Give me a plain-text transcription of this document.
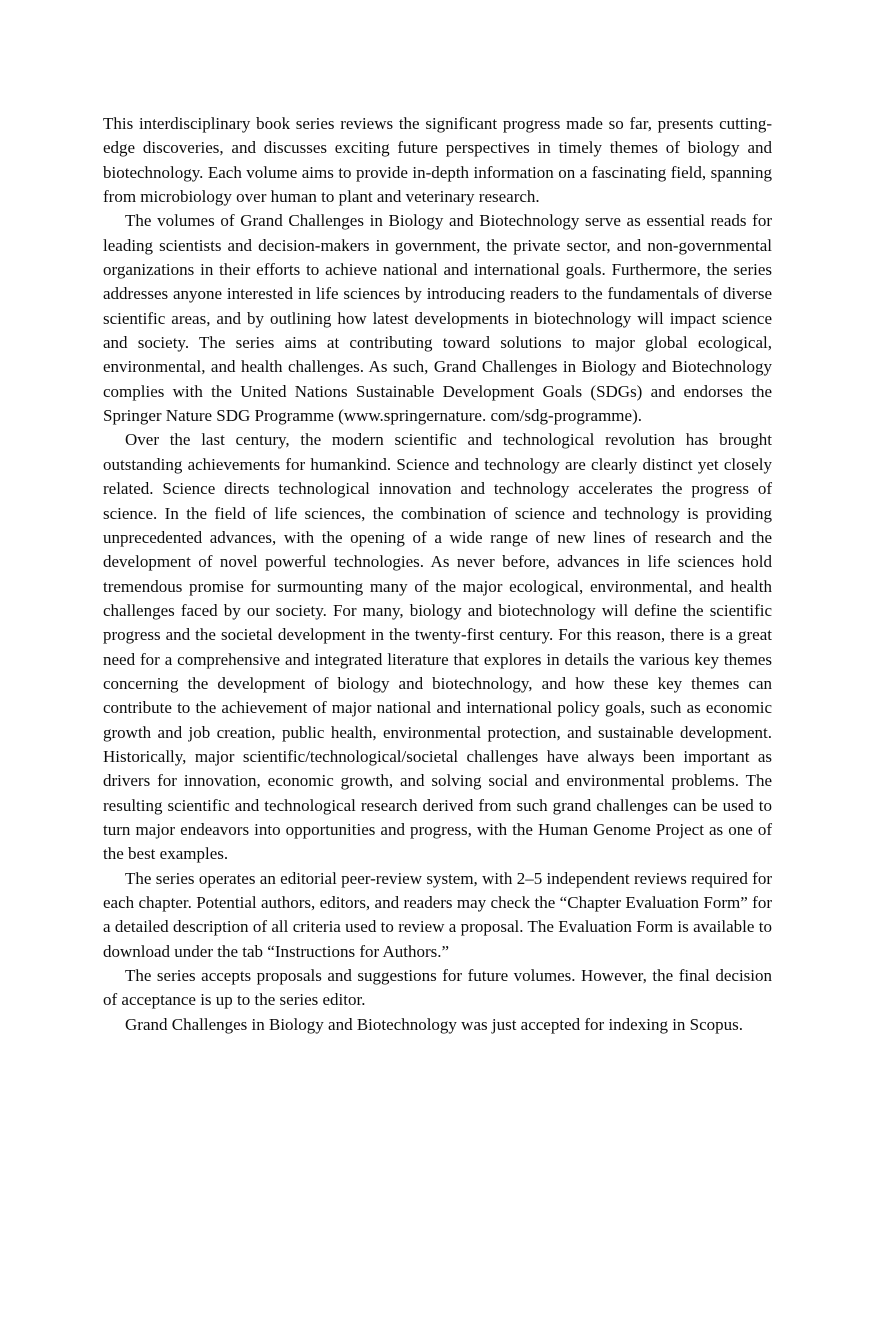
This interdisciplinary book series reviews the significant progress made so far, presents cutting-edge discoveries, and discusses exciting future perspectives in timely themes of biology and biotechnology. Each volume aims to provide in-depth information on a fascinating field, spanning from microbiology over human to plant and veterinary research.

The volumes of Grand Challenges in Biology and Biotechnology serve as essential reads for leading scientists and decision-makers in government, the private sector, and non-governmental organizations in their efforts to achieve national and international goals. Furthermore, the series addresses anyone interested in life sciences by introducing readers to the fundamentals of diverse scientific areas, and by outlining how latest developments in biotechnology will impact science and society. The series aims at contributing toward solutions to major global ecological, environmental, and health challenges. As such, Grand Challenges in Biology and Biotechnology complies with the United Nations Sustainable Development Goals (SDGs) and endorses the Springer Nature SDG Programme (www.springernature. com/sdg-programme).

Over the last century, the modern scientific and technological revolution has brought outstanding achievements for humankind. Science and technology are clearly distinct yet closely related. Science directs technological innovation and technology accelerates the progress of science. In the field of life sciences, the combination of science and technology is providing unprecedented advances, with the opening of a wide range of new lines of research and the development of novel powerful technologies. As never before, advances in life sciences hold tremendous promise for surmounting many of the major ecological, environmental, and health challenges faced by our society. For many, biology and biotechnology will define the scientific progress and the societal development in the twenty-first century. For this reason, there is a great need for a comprehensive and integrated literature that explores in details the various key themes concerning the development of biology and biotechnology, and how these key themes can contribute to the achievement of major national and international policy goals, such as economic growth and job creation, public health, environmental protection, and sustainable development. Historically, major scientific/technological/societal challenges have always been important as drivers for innovation, economic growth, and solving social and environmental problems. The resulting scientific and technological research derived from such grand challenges can be used to turn major endeavors into opportunities and progress, with the Human Genome Project as one of the best examples.

The series operates an editorial peer-review system, with 2–5 independent reviews required for each chapter. Potential authors, editors, and readers may check the “Chapter Evaluation Form” for a detailed description of all criteria used to review a proposal. The Evaluation Form is available to download under the tab “Instructions for Authors.”

The series accepts proposals and suggestions for future volumes. However, the final decision of acceptance is up to the series editor.

Grand Challenges in Biology and Biotechnology was just accepted for indexing in Scopus.
